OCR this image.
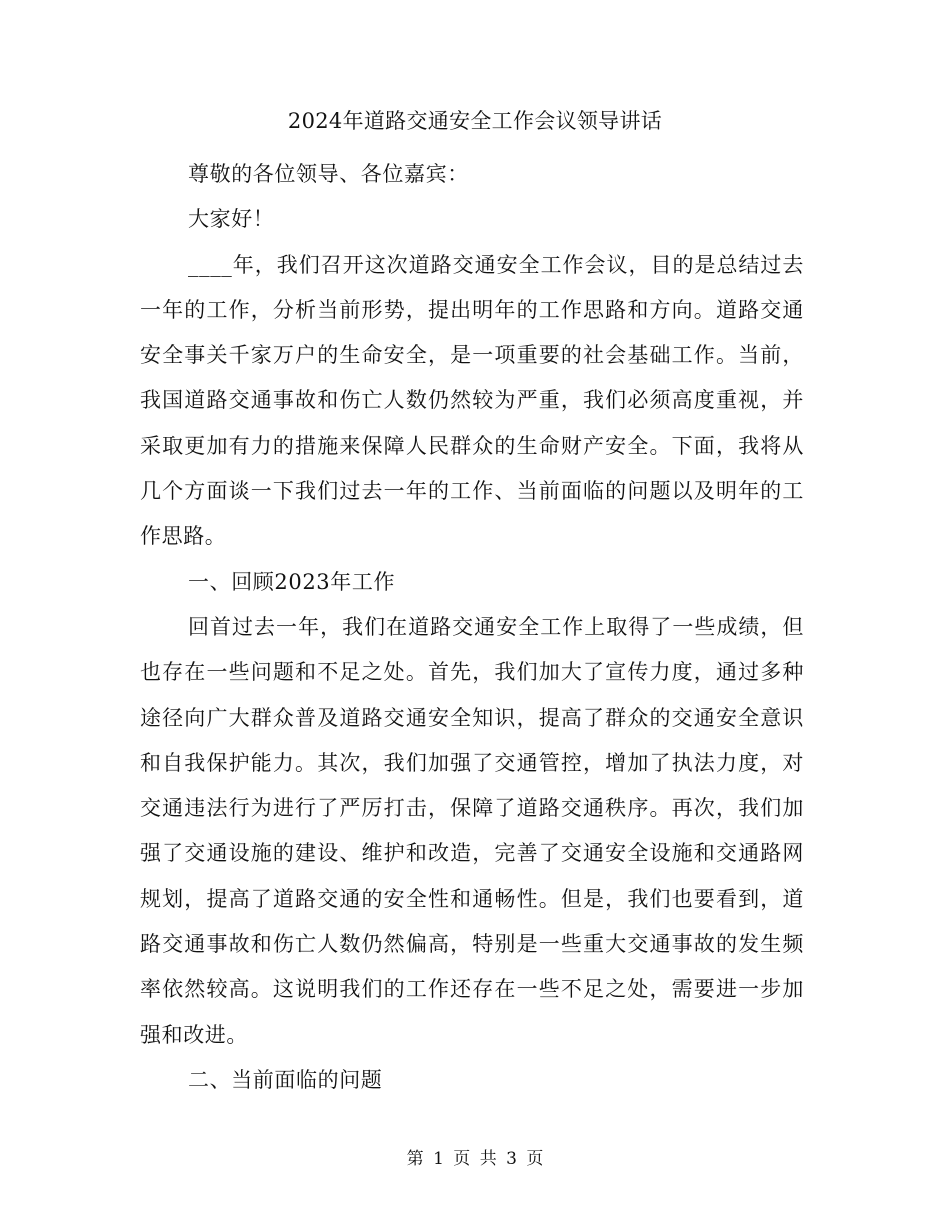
2024年道路交通安全工作会议领导讲话

尊敬的各位领导、各位嘉宾：

大家好！

____年，我们召开这次道路交通安全工作会议，目的是总结过去一年的工作，分析当前形势，提出明年的工作思路和方向。道路交通安全事关千家万户的生命安全，是一项重要的社会基础工作。当前，我国道路交通事故和伤亡人数仍然较为严重，我们必须高度重视，并采取更加有力的措施来保障人民群众的生命财产安全。下面，我将从几个方面谈一下我们过去一年的工作、当前面临的问题以及明年的工作思路。

一、回顾2023年工作

回首过去一年，我们在道路交通安全工作上取得了一些成绩，但也存在一些问题和不足之处。首先，我们加大了宣传力度，通过多种途径向广大群众普及道路交通安全知识，提高了群众的交通安全意识和自我保护能力。其次，我们加强了交通管控，增加了执法力度，对交通违法行为进行了严厉打击，保障了道路交通秩序。再次，我们加强了交通设施的建设、维护和改造，完善了交通安全设施和交通路网规划，提高了道路交通的安全性和通畅性。但是，我们也要看到，道路交通事故和伤亡人数仍然偏高，特别是一些重大交通事故的发生频率依然较高。这说明我们的工作还存在一些不足之处，需要进一步加强和改进。

二、当前面临的问题

第 1 页 共 3 页
